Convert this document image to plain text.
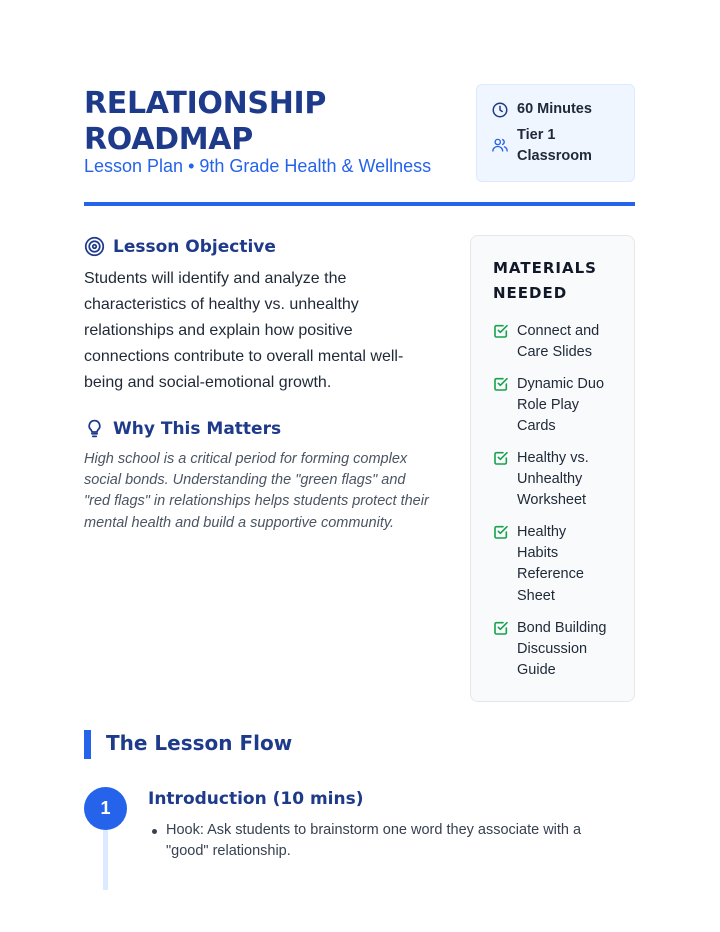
RELATIONSHIP ROADMAP
Lesson Plan • 9th Grade Health & Wellness
60 Minutes
Tier 1 Classroom
Lesson Objective

Students will identify and analyze the characteristics of healthy vs. unhealthy relationships and explain how positive connections contribute to overall mental well-being and social-emotional growth.

Why This Matters

High school is a critical period for forming complex social bonds. Understanding the "green flags" and "red flags" in relationships helps students protect their mental health and build a supportive community.

MATERIALS NEEDED
Connect and Care Slides
Dynamic Duo Role Play Cards
Healthy vs. Unhealthy Worksheet
Healthy Habits Reference Sheet
Bond Building Discussion Guide
The Lesson Flow
1	Introduction (10 mins)
Hook: Ask students to brainstorm one word they associate with a "good" relationship.
